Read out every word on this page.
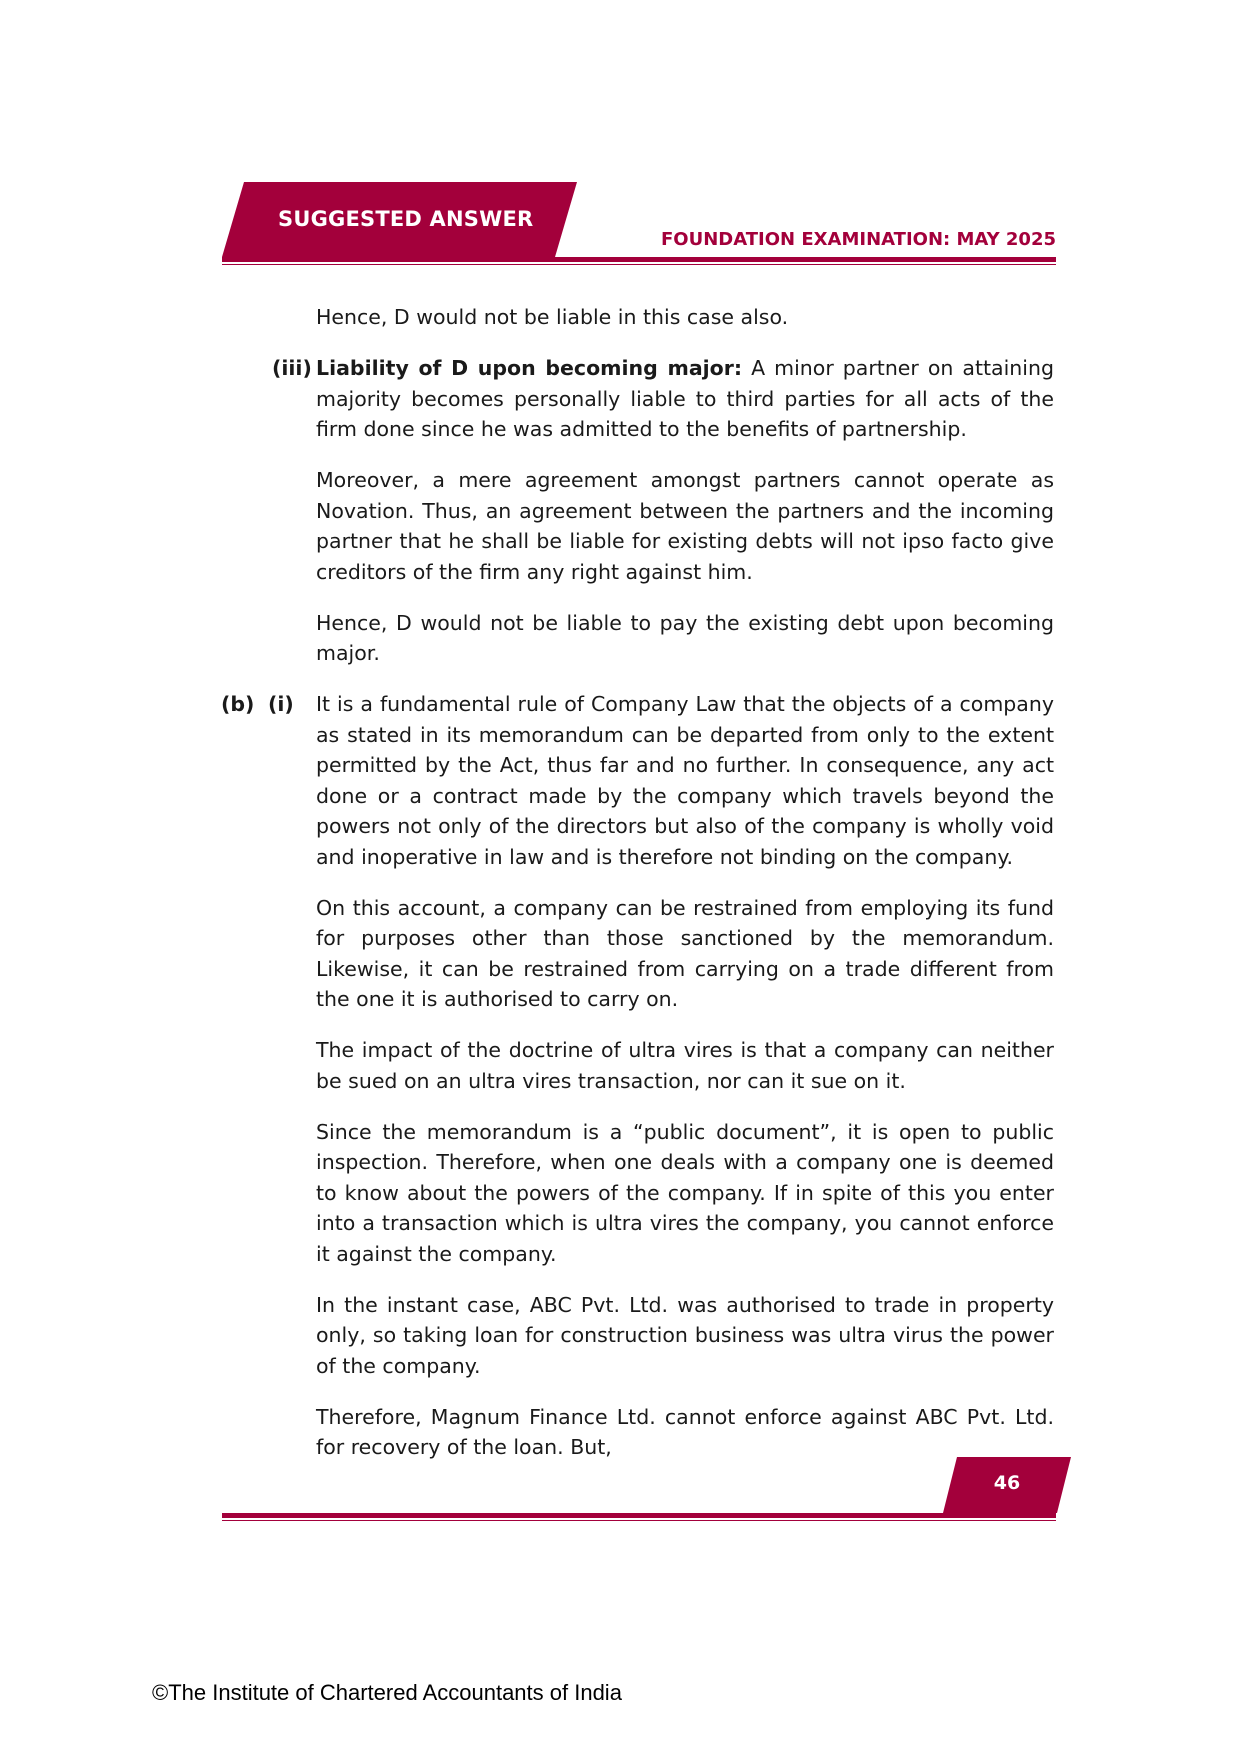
SUGGESTED ANSWER
FOUNDATION EXAMINATION: MAY 2025

Hence, D would not be liable in this case also.

(iii) Liability of D upon becoming major: A minor partner on attaining majority becomes personally liable to third parties for all acts of the firm done since he was admitted to the benefits of partnership.

Moreover, a mere agreement amongst partners cannot operate as Novation. Thus, an agreement between the partners and the incoming partner that he shall be liable for existing debts will not ipso facto give creditors of the firm any right against him.

Hence, D would not be liable to pay the existing debt upon becoming major.

(b) (i) It is a fundamental rule of Company Law that the objects of a company as stated in its memorandum can be departed from only to the extent permitted by the Act, thus far and no further. In consequence, any act done or a contract made by the company which travels beyond the powers not only of the directors but also of the company is wholly void and inoperative in law and is therefore not binding on the company.

On this account, a company can be restrained from employing its fund for purposes other than those sanctioned by the memorandum. Likewise, it can be restrained from carrying on a trade different from the one it is authorised to carry on.

The impact of the doctrine of ultra vires is that a company can neither be sued on an ultra vires transaction, nor can it sue on it.

Since the memorandum is a “public document”, it is open to public inspection. Therefore, when one deals with a company one is deemed to know about the powers of the company. If in spite of this you enter into a transaction which is ultra vires the company, you cannot enforce it against the company.

In the instant case, ABC Pvt. Ltd. was authorised to trade in property only, so taking loan for construction business was ultra virus the power of the company.

Therefore, Magnum Finance Ltd. cannot enforce against ABC Pvt. Ltd. for recovery of the loan. But,

46
©The Institute of Chartered Accountants of India
